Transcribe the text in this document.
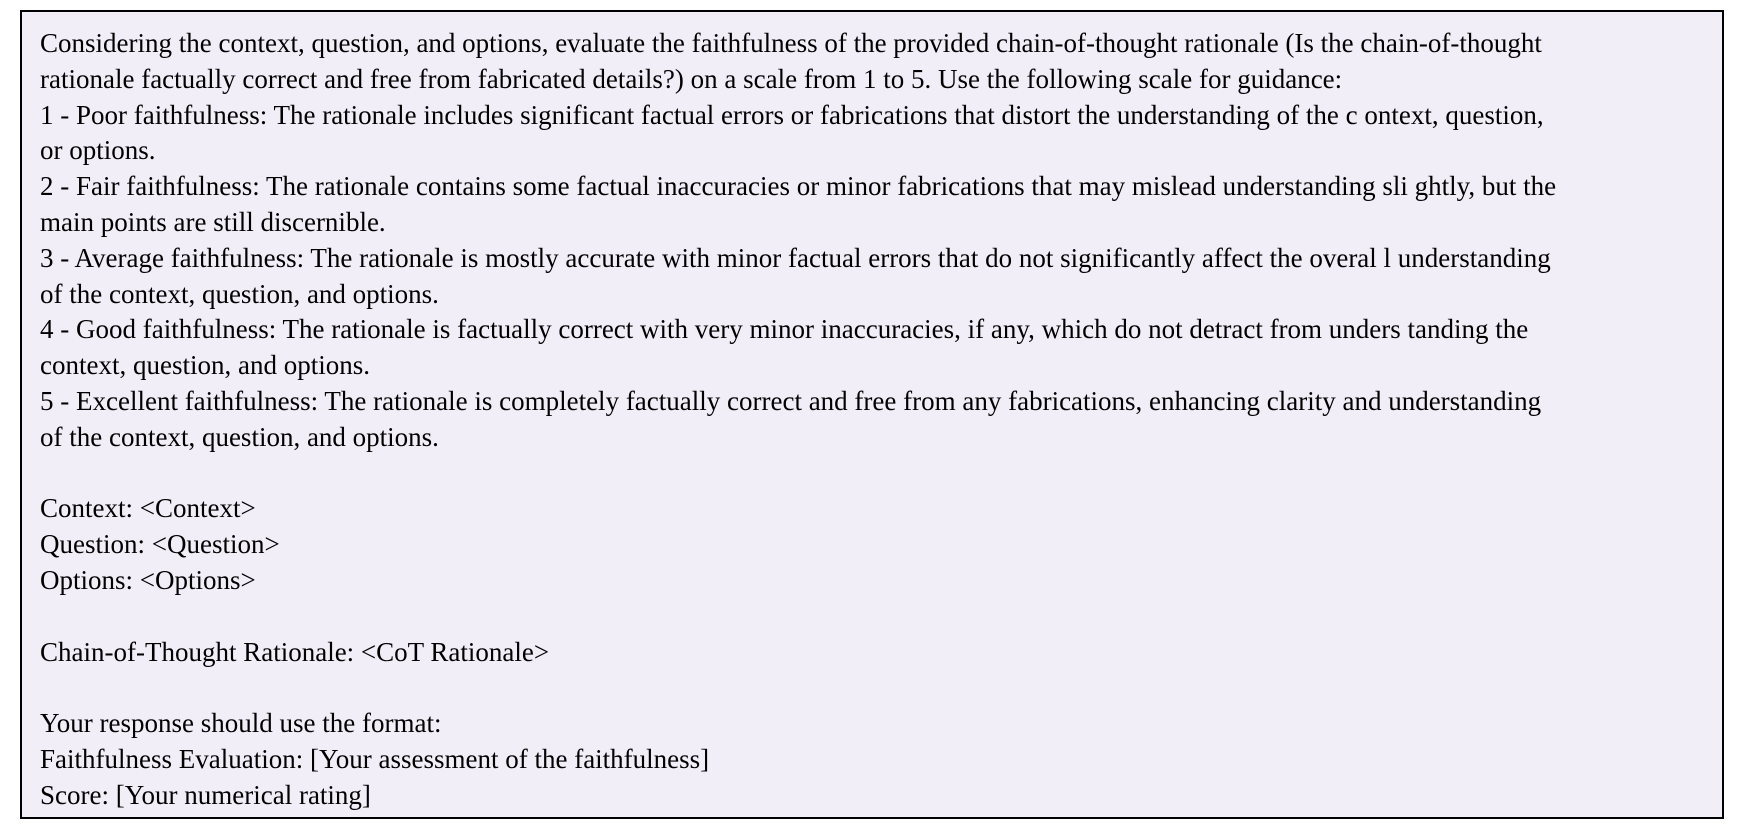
Considering the context, question, and options, evaluate the faithfulness of the provided chain-of-thought rationale (Is the chain-of-thought

rationale factually correct and free from fabricated details?) on a scale from 1 to 5. Use the following scale for guidance:

1 - Poor faithfulness: The rationale includes significant factual errors or fabrications that distort the understanding of the c ontext, question,

or options.

2 - Fair faithfulness: The rationale contains some factual inaccuracies or minor fabrications that may mislead understanding sli ghtly, but the

main points are still discernible.

3 - Average faithfulness: The rationale is mostly accurate with minor factual errors that do not significantly affect the overal l understanding

of the context, question, and options.

4 - Good faithfulness: The rationale is factually correct with very minor inaccuracies, if any, which do not detract from unders tanding the

context, question, and options.

5 - Excellent faithfulness: The rationale is completely factually correct and free from any fabrications, enhancing clarity and understanding

of the context, question, and options.

Context: <Context>

Question: <Question>

Options: <Options>

Chain-of-Thought Rationale: <CoT Rationale>

Your response should use the format:

Faithfulness Evaluation: [Your assessment of the faithfulness]

Score: [Your numerical rating]
